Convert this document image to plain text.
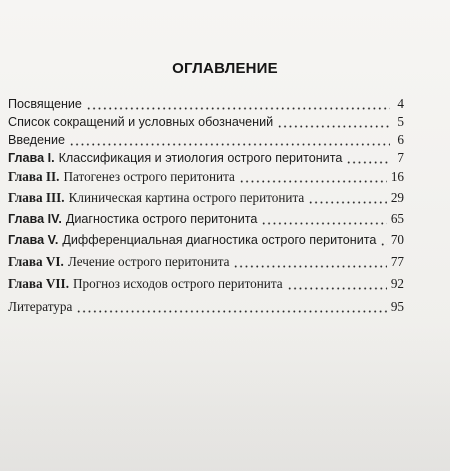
ОГЛАВЛЕНИЕ
Посвящение	4
Список сокращений и условных обозначений	5
Введение	6
Глава I. Классификация и этиология острого перитонита	7
Глава II. Патогенез острого перитонита	16
Глава III. Клиническая картина острого перитонита	29
Глава IV. Диагностика острого перитонита	65
Глава V. Дифференциальная диагностика острого перитонита 70
Глава VI. Лечение острого перитонита	77
Глава VII. Прогноз исходов острого перитонита	92
Литература	95
